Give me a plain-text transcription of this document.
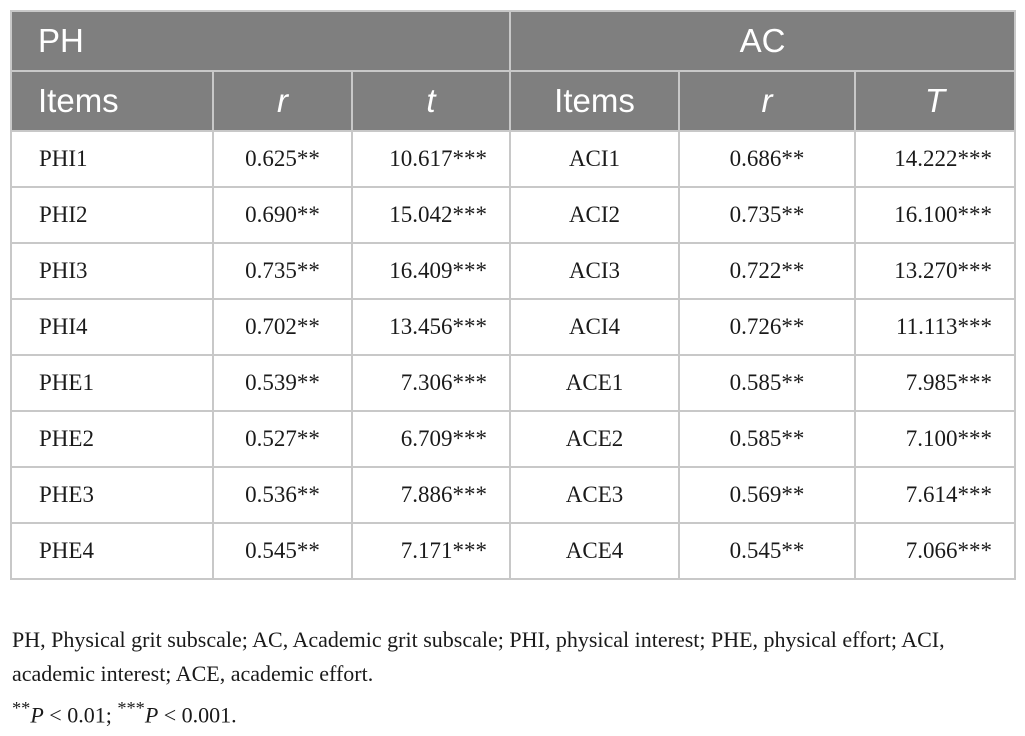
PH			AC		
Items	r	t	Items	r	T
PHI1	0.625**	10.617***	ACI1	0.686**	14.222***
PHI2	0.690**	15.042***	ACI2	0.735**	16.100***
PHI3	0.735**	16.409***	ACI3	0.722**	13.270***
PHI4	0.702**	13.456***	ACI4	0.726**	11.113***
PHE1	0.539**	7.306***	ACE1	0.585**	7.985***
PHE2	0.527**	6.709***	ACE2	0.585**	7.100***
PHE3	0.536**	7.886***	ACE3	0.569**	7.614***
PHE4	0.545**	7.171***	ACE4	0.545**	7.066***

PH, Physical grit subscale; AC, Academic grit subscale; PHI, physical interest; PHE, physical effort; ACI, academic interest; ACE, academic effort.

**P < 0.01; ***P < 0.001.
